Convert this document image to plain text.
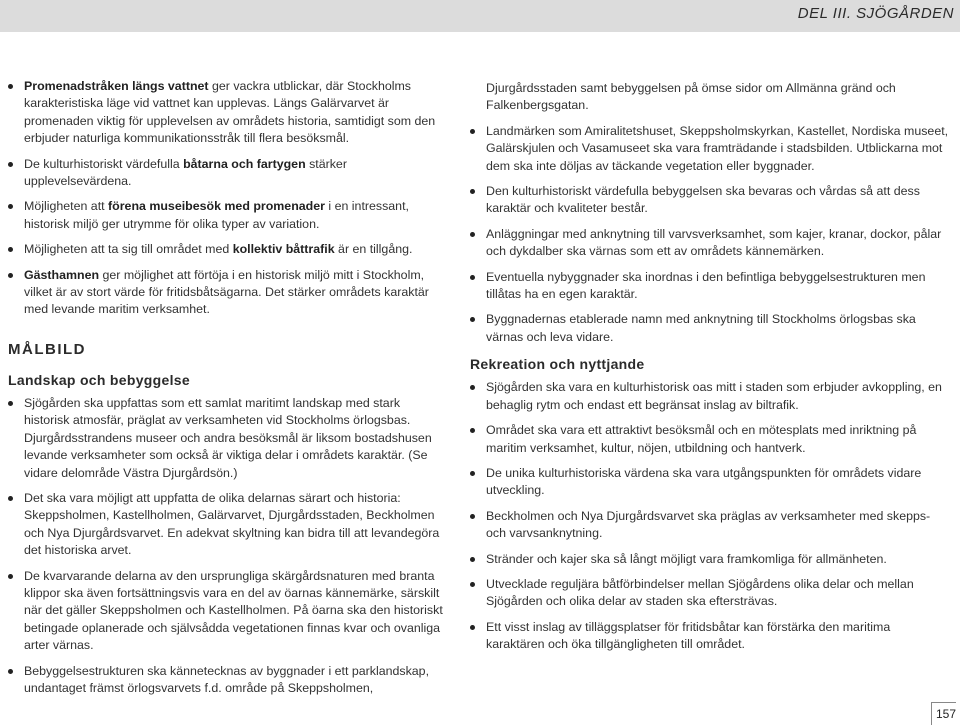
DEL III. SJÖGÅRDEN
Promenadstråken längs vattnet ger vackra utblickar, där Stockholms karakteristiska läge vid vattnet kan upplevas. Längs Galärvarvet är promenaden viktig för upplevelsen av områdets historia, samtidigt som den erbjuder naturliga kommunikationsstråk till flera besöksmål.
De kulturhistoriskt värdefulla båtarna och fartygen stärker upplevelsevärdena.
Möjligheten att förena museibesök med promenader i en intressant, historisk miljö ger utrymme för olika typer av variation.
Möjligheten att ta sig till området med kollektiv båttrafik är en tillgång.
Gästhamnen ger möjlighet att förtöja i en historisk miljö mitt i Stockholm, vilket är av stort värde för fritidsbåtsägarna. Det stärker områdets karaktär med levande maritim verksamhet.
MÅLBILD
Landskap och bebyggelse
Sjögården ska uppfattas som ett samlat maritimt landskap med stark historisk atmosfär, präglat av verksamheten vid Stockholms örlogsbas. Djurgårdsstrandens museer och andra besöksmål är liksom bostadshusen levande verksamheter som också är viktiga delar i områdets karaktär. (Se vidare delområde Västra Djurgårdsön.)
Det ska vara möjligt att uppfatta de olika delarnas särart och historia: Skeppsholmen, Kastellholmen, Galärvarvet, Djurgårdsstaden, Beckholmen och Nya Djurgårdsvarvet. En adekvat skyltning kan bidra till att levandegöra det historiska arvet.
De kvarvarande delarna av den ursprungliga skärgårdsnaturen med branta klippor ska även fortsättningsvis vara en del av öarnas kännemärke, särskilt när det gäller Skeppsholmen och Kastellholmen. På öarna ska den historiskt betingade oplanerade och självsådda vegetationen finnas kvar och ovanliga arter värnas.
Bebyggelsestrukturen ska kännetecknas av byggnader i ett parklandskap, undantaget främst örlogsvarvets f.d. område på Skeppsholmen,
Djurgårdsstaden samt bebyggelsen på ömse sidor om Allmänna gränd och Falkenbergsgatan.
Landmärken som Amiralitetshuset, Skeppsholmskyrkan, Kastellet, Nordiska museet, Galärskjulen och Vasamuseet ska vara framträdande i stadsbilden. Utblickarna mot dem ska inte döljas av täckande vegetation eller byggnader.
Den kulturhistoriskt värdefulla bebyggelsen ska bevaras och vårdas så att dess karaktär och kvaliteter består.
Anläggningar med anknytning till varvsverksamhet, som kajer, kranar, dockor, pålar och dykdalber ska värnas som ett av områdets kännemärken.
Eventuella nybyggnader ska inordnas i den befintliga bebyggelsestrukturen men tillåtas ha en egen karaktär.
Byggnadernas etablerade namn med anknytning till Stockholms örlogsbas ska värnas och leva vidare.
Rekreation och nyttjande
Sjögården ska vara en kulturhistorisk oas mitt i staden som erbjuder avkoppling, en behaglig rytm och endast ett begränsat inslag av biltrafik.
Området ska vara ett attraktivt besöksmål och en mötesplats med inriktning på maritim verksamhet, kultur, nöjen, utbildning och hantverk.
De unika kulturhistoriska värdena ska vara utgångspunkten för områdets vidare utveckling.
Beckholmen och Nya Djurgårdsvarvet ska präglas av verksamheter med skepps- och varvsanknytning.
Stränder och kajer ska så långt möjligt vara framkomliga för allmänheten.
Utvecklade reguljära båtförbindelser mellan Sjögårdens olika delar och mellan Sjögården och olika delar av staden ska eftersträvas.
Ett visst inslag av tilläggsplatser för fritidsbåtar kan förstärka den maritima karaktären och öka tillgängligheten till området.
157
